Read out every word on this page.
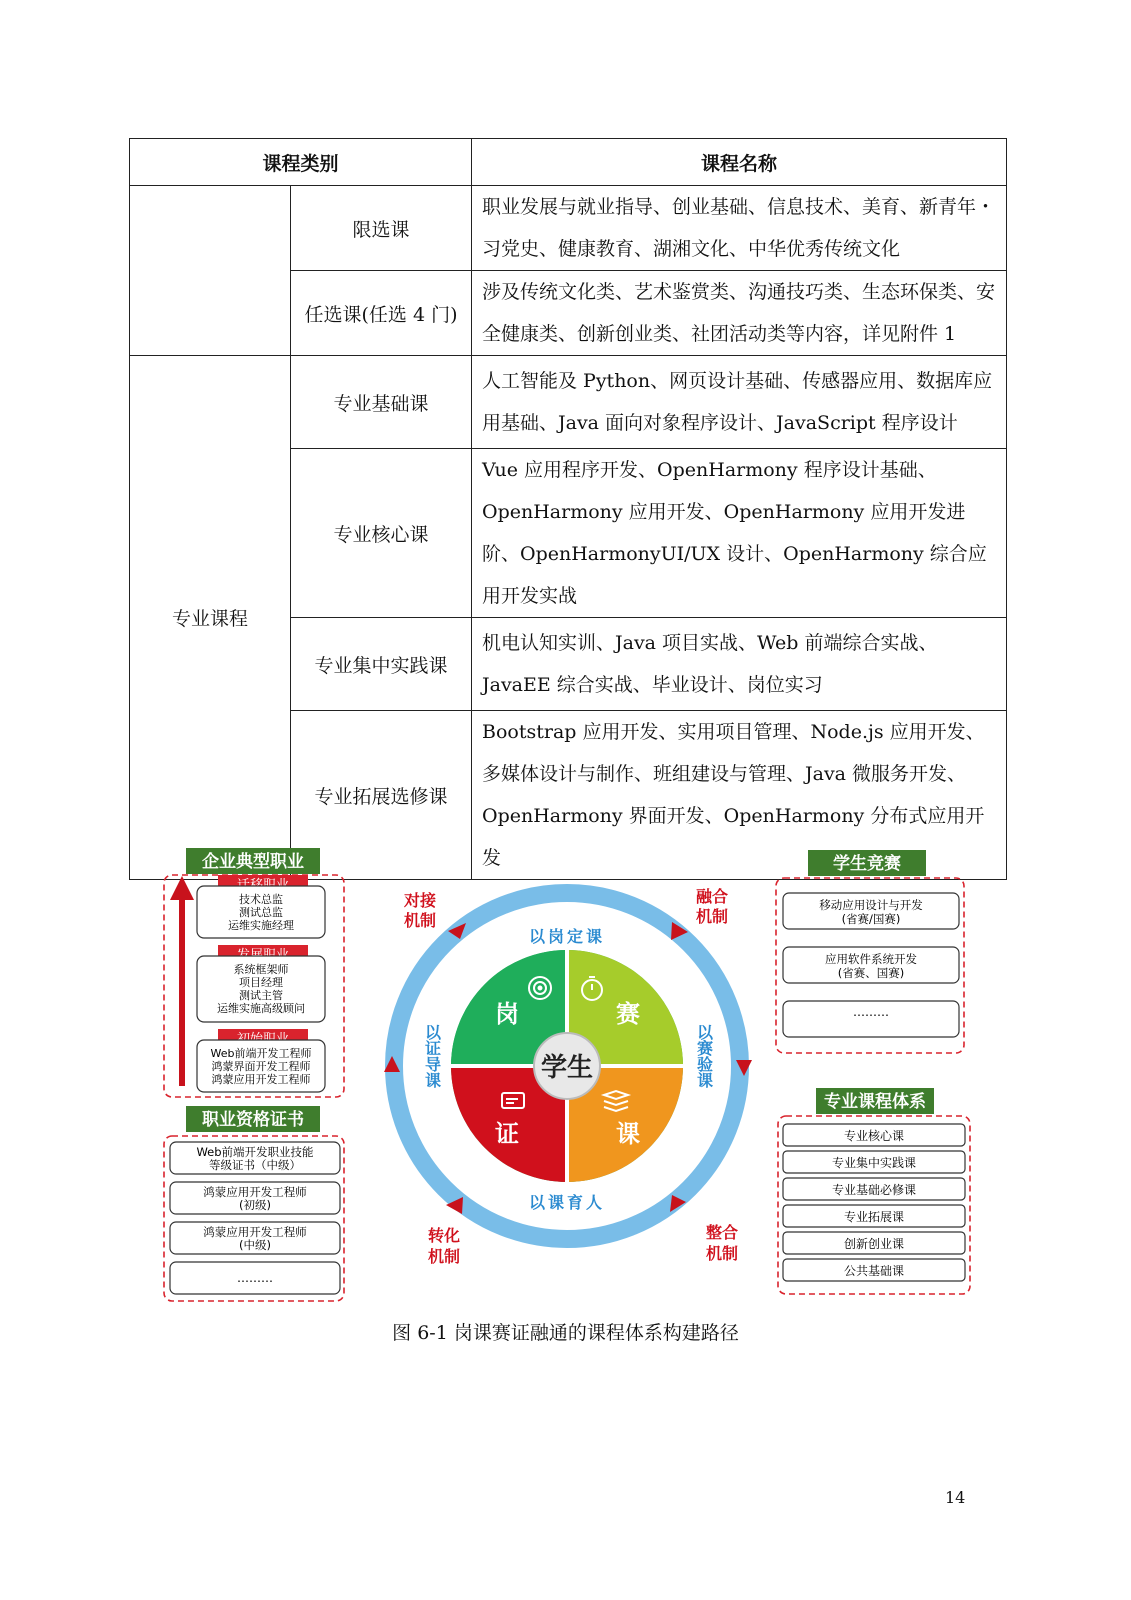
课程类别		课程名称
	限选课	职业发展与就业指导、创业基础、信息技术、美育、新青年・习党史、健康教育、湖湘文化、中华优秀传统文化
	任选课(任选 4 门)	涉及传统文化类、艺术鉴赏类、沟通技巧类、生态环保类、安全健康类、创新创业类、社团活动类等内容，详见附件 1
专业课程	专业基础课	人工智能及 Python、网页设计基础、传感器应用、数据库应用基础、Java 面向对象程序设计、JavaScript 程序设计
	专业核心课	Vue 应用程序开发、OpenHarmony 程序设计基础、OpenHarmony 应用开发、OpenHarmony 应用开发进阶、OpenHarmonyUI/UX 设计、OpenHarmony 综合应用开发实战
	专业集中实践课	机电认知实训、Java 项目实战、Web 前端综合实战、JavaEE 综合实战、毕业设计、岗位实习
	专业拓展选修课	Bootstrap 应用开发、实用项目管理、Node.js 应用开发、多媒体设计与制作、班组建设与管理、Java 微服务开发、OpenHarmony 界面开发、OpenHarmony 分布式应用开发
企业典型职业
技术总监
测试总监
运维实施经理
系统框架师
项目经理
测试主管
运维实施高级顾问
Web前端开发工程师
鸿蒙界面开发工程师
鸿蒙应用开发工程师
职业资格证书
Web前端开发职业技能
等级证书（中级）
鸿蒙应用开发工程师
(初级)
鸿蒙应用开发工程师
(中级)
………
学生
岗	赛
证	课
以岗定课
以课育人
以证导课	以赛验课
对接
机制
融合
机制
转化
机制
整合
机制
学生竞赛
移动应用设计与开发
(省赛/国赛)
应用软件系统开发
(省赛、国赛)
………
专业课程体系
专业核心课
专业集中实践课
专业基础必修课
专业拓展课
创新创业课
公共基础课
图 6-1 岗课赛证融通的课程体系构建路径
14
